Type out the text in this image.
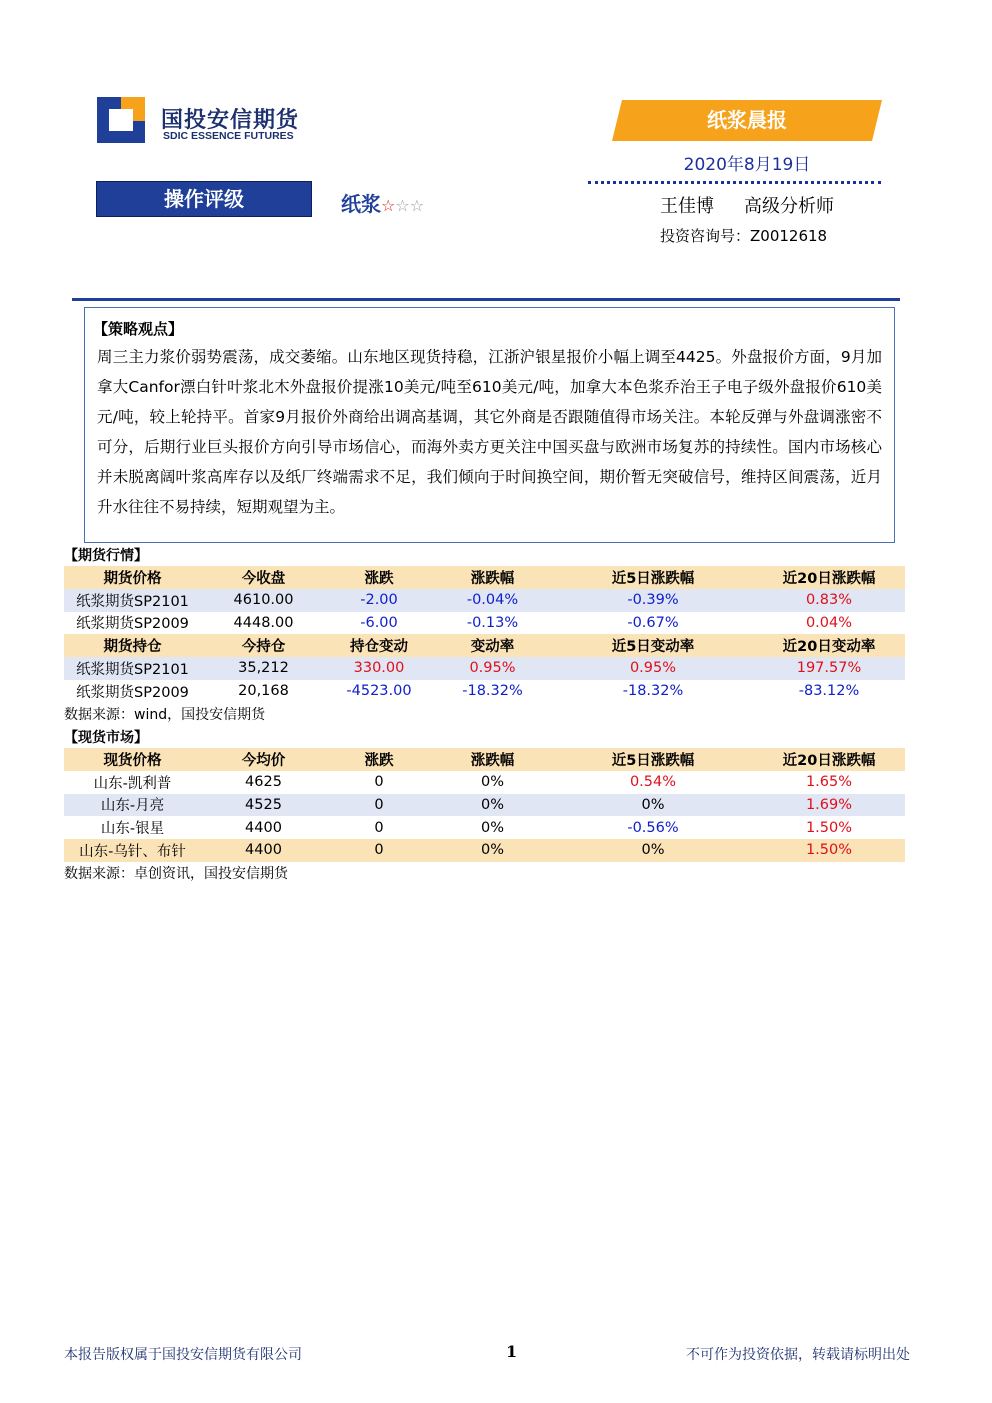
国投安信期货
SDIC ESSENCE FUTURES
纸浆晨报
2020年8月19日
操作评级	纸浆☆☆☆	王佳博 高级分析师
投资咨询号：Z0012618
【策略观点】
周三主力浆价弱势震荡，成交萎缩。山东地区现货持稳，江浙沪银星报价小幅上调至4425。外盘报价方面，9月加拿大Canfor漂白针叶浆北木外盘报价提涨10美元/吨至610美元/吨，加拿大本色浆乔治王子电子级外盘报价610美元/吨，较上轮持平。首家9月报价外商给出调高基调，其它外商是否跟随值得市场关注。本轮反弹与外盘调涨密不可分，后期行业巨头报价方向引导市场信心，而海外卖方更关注中国买盘与欧洲市场复苏的持续性。国内市场核心并未脱离阔叶浆高库存以及纸厂终端需求不足，我们倾向于时间换空间，期价暂无突破信号，维持区间震荡，近月升水往往不易持续，短期观望为主。
【期货行情】
期货价格	今收盘	涨跌	涨跌幅	近5日涨跌幅	近20日涨跌幅
纸浆期货SP2101	4610.00	-2.00	-0.04%	-0.39%	0.83%
纸浆期货SP2009	4448.00	-6.00	-0.13%	-0.67%	0.04%
期货持仓	今持仓	持仓变动	变动率	近5日变动率	近20日变动率
纸浆期货SP2101	35,212	330.00	0.95%	0.95%	197.57%
纸浆期货SP2009	20,168	-4523.00	-18.32%	-18.32%	-83.12%
数据来源：wind，国投安信期货
【现货市场】
现货价格	今均价	涨跌	涨跌幅	近5日涨跌幅	近20日涨跌幅
山东-凯利普	4625	0	0%	0.54%	1.65%
山东-月亮	4525	0	0%	0%	1.69%
山东-银星	4400	0	0%	-0.56%	1.50%
山东-乌针、布针	4400	0	0%	0%	1.50%
数据来源：卓创资讯，国投安信期货
本报告版权属于国投安信期货有限公司	1	不可作为投资依据，转载请标明出处
